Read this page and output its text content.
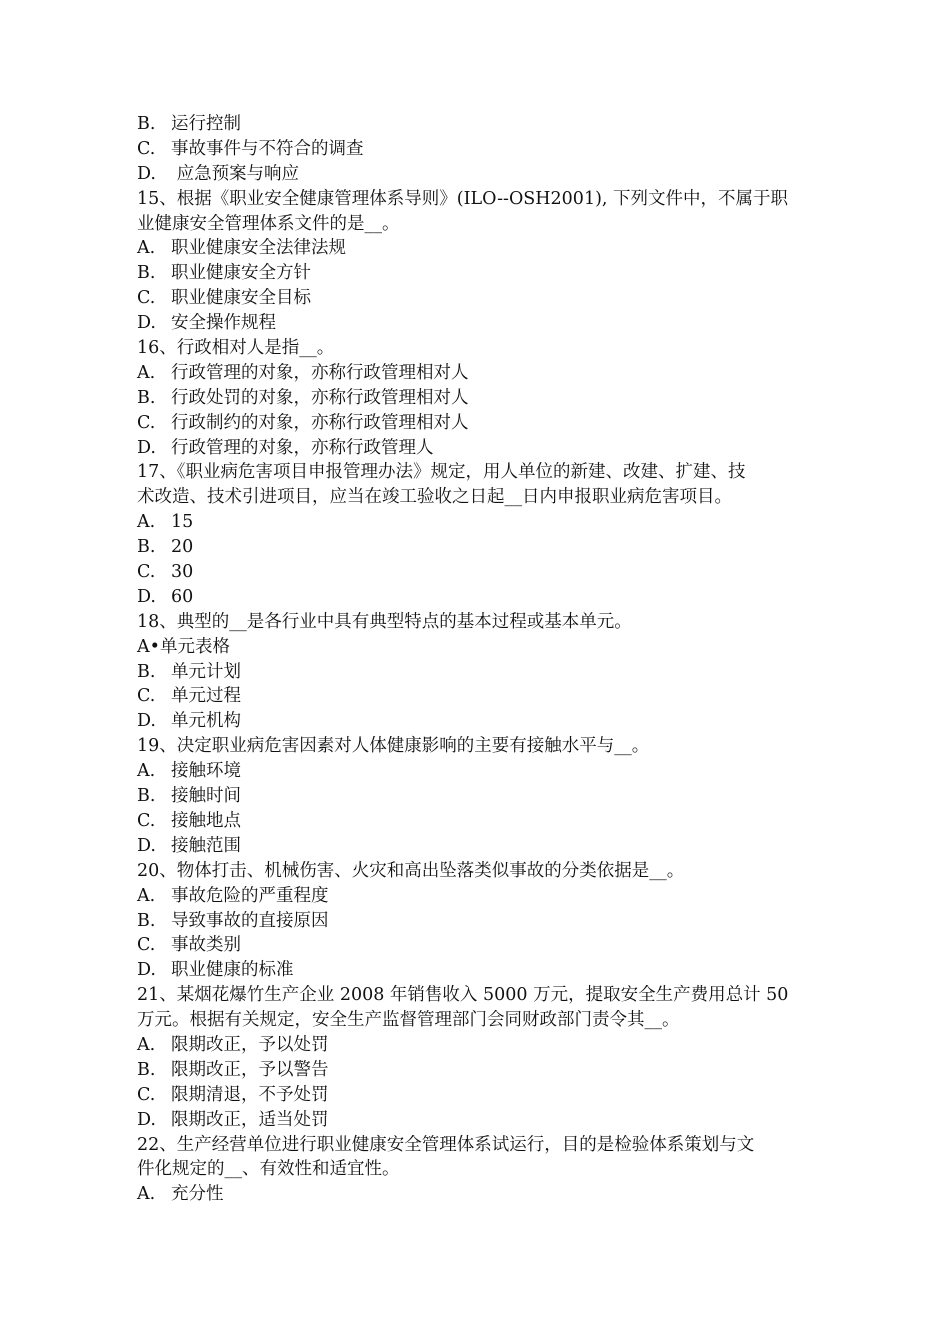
B. 运行控制
C. 事故事件与不符合的调查
D. 应急预案与响应
15、根据《职业安全健康管理体系导则》(ILO--OSH2001), 下列文件中，不属于职
业健康安全管理体系文件的是__。
A. 职业健康安全法律法规
B. 职业健康安全方针
C. 职业健康安全目标
D. 安全操作规程
16、行政相对人是指__。
A. 行政管理的对象，亦称行政管理相对人
B. 行政处罚的对象，亦称行政管理相对人
C. 行政制约的对象，亦称行政管理相对人
D. 行政管理的对象，亦称行政管理人
17、《职业病危害项目申报管理办法》规定，用人单位的新建、改建、扩建、技
术改造、技术引进项目，应当在竣工验收之日起__日内申报职业病危害项目。
A. 15
B. 20
C. 30
D. 60
18、典型的__是各行业中具有典型特点的基本过程或基本单元。
A•单元表格
B. 单元计划
C. 单元过程
D. 单元机构
19、决定职业病危害因素对人体健康影响的主要有接触水平与__。
A. 接触环境
B. 接触时间
C. 接触地点
D. 接触范围
20、物体打击、机械伤害、火灾和高出坠落类似事故的分类依据是__。
A. 事故危险的严重程度
B. 导致事故的直接原因
C. 事故类别
D. 职业健康的标准
21、某烟花爆竹生产企业 2008 年销售收入 5000 万元，提取安全生产费用总计 50
万元。根据有关规定，安全生产监督管理部门会同财政部门责令其__。
A. 限期改正，予以处罚
B. 限期改正，予以警告
C. 限期清退，不予处罚
D. 限期改正，适当处罚
22、生产经营单位进行职业健康安全管理体系试运行，目的是检验体系策划与文
件化规定的__、有效性和适宜性。
A. 充分性
